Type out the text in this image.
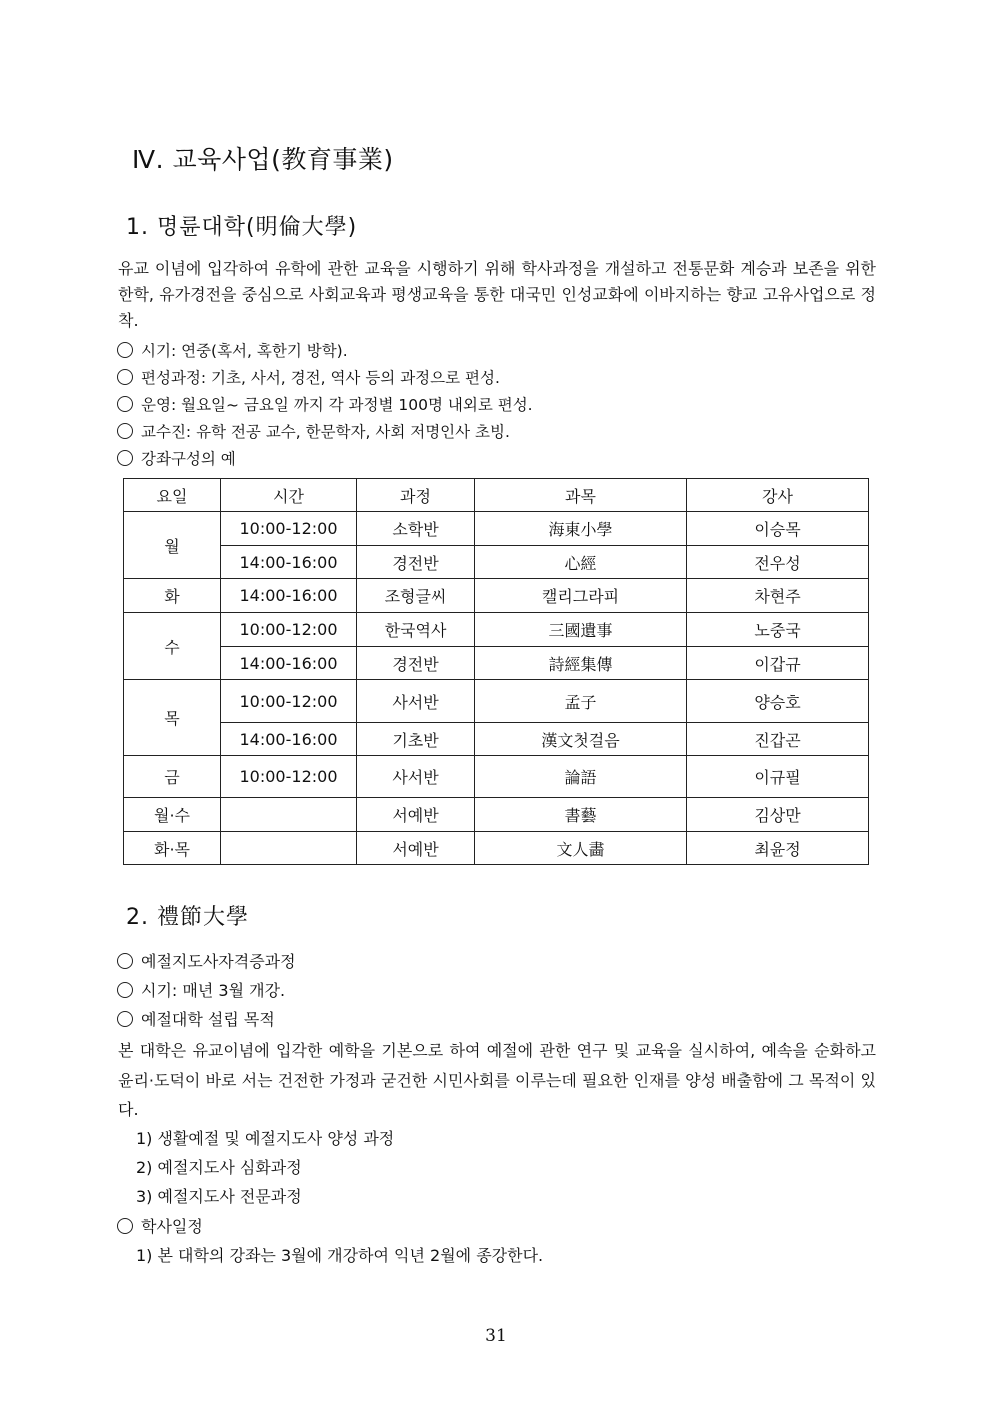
Ⅳ. 교육사업(教育事業)
1. 명륜대학(明倫大學)
유교 이념에 입각하여 유학에 관한 교육을 시행하기 위해 학사과정을 개설하고 전통문화 계승과 보존을 위한 한학, 유가경전을 중심으로 사회교육과 평생교육을 통한 대국민 인성교화에 이바지하는 향교 고유사업으로 정착.
시기: 연중(혹서, 혹한기 방학).
편성과정: 기초, 사서, 경전, 역사 등의 과정으로 편성.
운영: 월요일~ 금요일 까지 각 과정별 100명 내외로 편성.
교수진: 유학 전공 교수, 한문학자, 사회 저명인사 초빙.
강좌구성의 예
요일	시간	과정	과목	강사
월	10:00-12:00	소학반	海東小學	이승목
	14:00-16:00	경전반	心經	전우성
화	14:00-16:00	조형글씨	캘리그라피	차현주
수	10:00-12:00	한국역사	三國遺事	노중국
	14:00-16:00	경전반	詩經集傳	이갑규
목	10:00-12:00	사서반	孟子	양승호
	14:00-16:00	기초반	漢文첫걸음	진갑곤
금	10:00-12:00	사서반	論語	이규필
월·수		서예반	書藝	김상만
화·목		서예반	文人畵	최윤정
2. 禮節大學
예절지도사자격증과정
시기: 매년 3월 개강.
예절대학 설립 목적
본 대학은 유교이념에 입각한 예학을 기본으로 하여 예절에 관한 연구 및 교육을 실시하여, 예속을 순화하고 윤리·도덕이 바로 서는 건전한 가정과 굳건한 시민사회를 이루는데 필요한 인재를 양성 배출함에 그 목적이 있다.
1) 생활예절 및 예절지도사 양성 과정
2) 예절지도사 심화과정
3) 예절지도사 전문과정
학사일정
1) 본 대학의 강좌는 3월에 개강하여 익년 2월에 종강한다.
31
